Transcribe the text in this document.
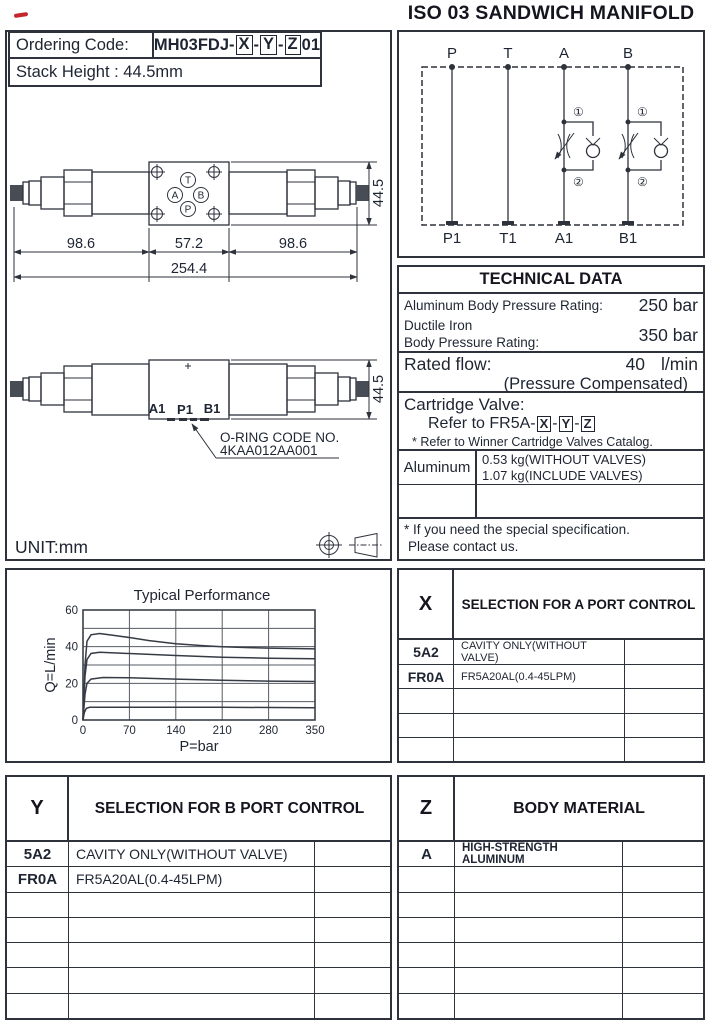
Ordering Code:	MH03FDJ- X - Y - Z 01
Stack Height : 44.5mm
ISO 03 SANDWICH MANIFOLD
T
A B
P
98.6	57.2	98.6
254.4
44.5
A1 P1 B1
O-RING CODE NO.
4KAA012AA001
44.5
UNIT:mm
P	T	A	B
①
②
①
②
P1	T1	A1	B1
TECHNICAL DATA
Aluminum Body Pressure Rating: 250 bar
Ductile Iron
Body Pressure Rating:	350 bar
Rated flow:	40 l/min
(Pressure Compensated)
Cartridge Valve:
Refer to FR5A- X - Y - Z
* Refer to Winner Cartridge Valves Catalog.
Aluminum 0.53 kg(WITHOUT VALVES)
1.07 kg(INCLUDE VALVES)
* If you need the special specification.
Please contact us.
Typical Performance
Q=L/min
P=bar
0
20
40
60
0	70	140 210 280 350
X	SELECTION FOR A PORT CONTROL
5A2	CAVITY ONLY(WITHOUT VALVE)
FR0A	FR5A20AL(0.4-45LPM)
Y	SELECTION FOR B PORT CONTROL
5A2	CAVITY ONLY(WITHOUT VALVE)
FR0A	FR5A20AL(0.4-45LPM)
Z	BODY MATERIAL
A	HIGH-STRENGTH ALUMINUM
